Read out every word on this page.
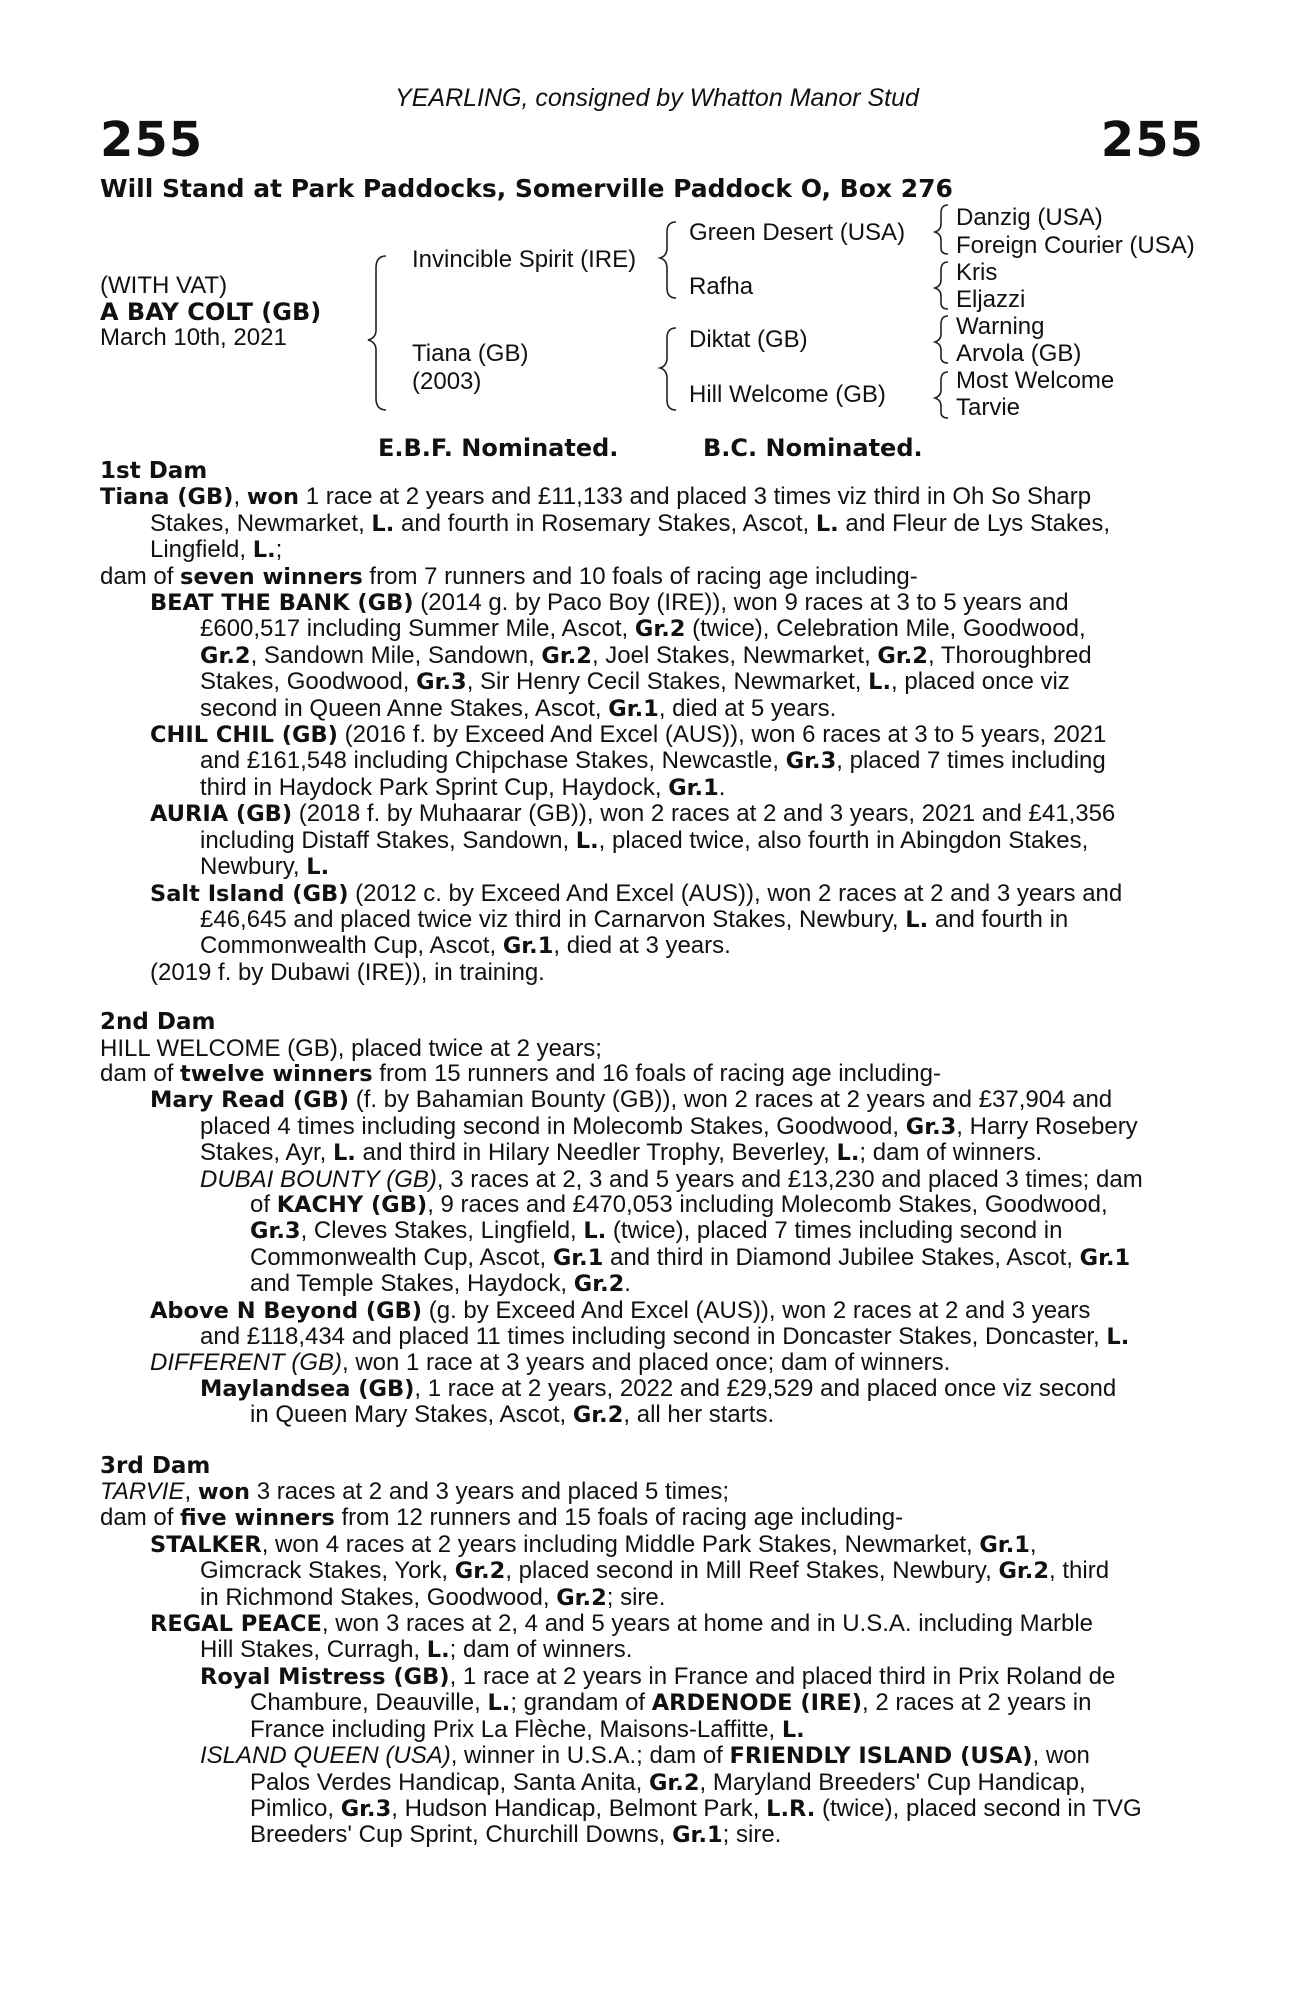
YEARLING, consigned by Whatton Manor Stud
255	255
Will Stand at Park Paddocks, Somerville Paddock O, Box 276
(WITH VAT)
A BAY COLT (GB)
March 10th, 2021
Invincible Spirit (IRE)
Tiana (GB)
(2003)
Green Desert (USA)
Rafha
Diktat (GB)
Hill Welcome (GB)
Danzig (USA)
Foreign Courier (USA)
Kris
Eljazzi
Warning
Arvola (GB)
Most Welcome
Tarvie
E.B.F. Nominated.	B.C. Nominated.

1st Dam

Tiana (GB), won 1 race at 2 years and £11,133 and placed 3 times viz third in Oh So Sharp
Stakes, Newmarket, L. and fourth in Rosemary Stakes, Ascot, L. and Fleur de Lys Stakes,
Lingfield, L.;
dam of seven winners from 7 runners and 10 foals of racing age including-
BEAT THE BANK (GB) (2014 g. by Paco Boy (IRE)), won 9 races at 3 to 5 years and
£600,517 including Summer Mile, Ascot, Gr.2 (twice), Celebration Mile, Goodwood,
Gr.2, Sandown Mile, Sandown, Gr.2, Joel Stakes, Newmarket, Gr.2, Thoroughbred
Stakes, Goodwood, Gr.3, Sir Henry Cecil Stakes, Newmarket, L., placed once viz
second in Queen Anne Stakes, Ascot, Gr.1, died at 5 years.
CHIL CHIL (GB) (2016 f. by Exceed And Excel (AUS)), won 6 races at 3 to 5 years, 2021
and £161,548 including Chipchase Stakes, Newcastle, Gr.3, placed 7 times including
third in Haydock Park Sprint Cup, Haydock, Gr.1.
AURIA (GB) (2018 f. by Muhaarar (GB)), won 2 races at 2 and 3 years, 2021 and £41,356
including Distaff Stakes, Sandown, L., placed twice, also fourth in Abingdon Stakes,
Newbury, L.
Salt Island (GB) (2012 c. by Exceed And Excel (AUS)), won 2 races at 2 and 3 years and
£46,645 and placed twice viz third in Carnarvon Stakes, Newbury, L. and fourth in
Commonwealth Cup, Ascot, Gr.1, died at 3 years.
(2019 f. by Dubawi (IRE)), in training.

2nd Dam

HILL WELCOME (GB), placed twice at 2 years;
dam of twelve winners from 15 runners and 16 foals of racing age including-
Mary Read (GB) (f. by Bahamian Bounty (GB)), won 2 races at 2 years and £37,904 and
placed 4 times including second in Molecomb Stakes, Goodwood, Gr.3, Harry Rosebery
Stakes, Ayr, L. and third in Hilary Needler Trophy, Beverley, L.; dam of winners.
DUBAI BOUNTY (GB), 3 races at 2, 3 and 5 years and £13,230 and placed 3 times; dam
of KACHY (GB), 9 races and £470,053 including Molecomb Stakes, Goodwood,
Gr.3, Cleves Stakes, Lingfield, L. (twice), placed 7 times including second in
Commonwealth Cup, Ascot, Gr.1 and third in Diamond Jubilee Stakes, Ascot, Gr.1
and Temple Stakes, Haydock, Gr.2.
Above N Beyond (GB) (g. by Exceed And Excel (AUS)), won 2 races at 2 and 3 years
and £118,434 and placed 11 times including second in Doncaster Stakes, Doncaster, L.
DIFFERENT (GB), won 1 race at 3 years and placed once; dam of winners.
Maylandsea (GB), 1 race at 2 years, 2022 and £29,529 and placed once viz second
in Queen Mary Stakes, Ascot, Gr.2, all her starts.

3rd Dam

TARVIE, won 3 races at 2 and 3 years and placed 5 times;
dam of five winners from 12 runners and 15 foals of racing age including-
STALKER, won 4 races at 2 years including Middle Park Stakes, Newmarket, Gr.1,
Gimcrack Stakes, York, Gr.2, placed second in Mill Reef Stakes, Newbury, Gr.2, third
in Richmond Stakes, Goodwood, Gr.2; sire.
REGAL PEACE, won 3 races at 2, 4 and 5 years at home and in U.S.A. including Marble
Hill Stakes, Curragh, L.; dam of winners.
Royal Mistress (GB), 1 race at 2 years in France and placed third in Prix Roland de
Chambure, Deauville, L.; grandam of ARDENODE (IRE), 2 races at 2 years in
France including Prix La Flèche, Maisons-Laffitte, L.
ISLAND QUEEN (USA), winner in U.S.A.; dam of FRIENDLY ISLAND (USA), won
Palos Verdes Handicap, Santa Anita, Gr.2, Maryland Breeders' Cup Handicap,
Pimlico, Gr.3, Hudson Handicap, Belmont Park, L.R. (twice), placed second in TVG
Breeders' Cup Sprint, Churchill Downs, Gr.1; sire.
